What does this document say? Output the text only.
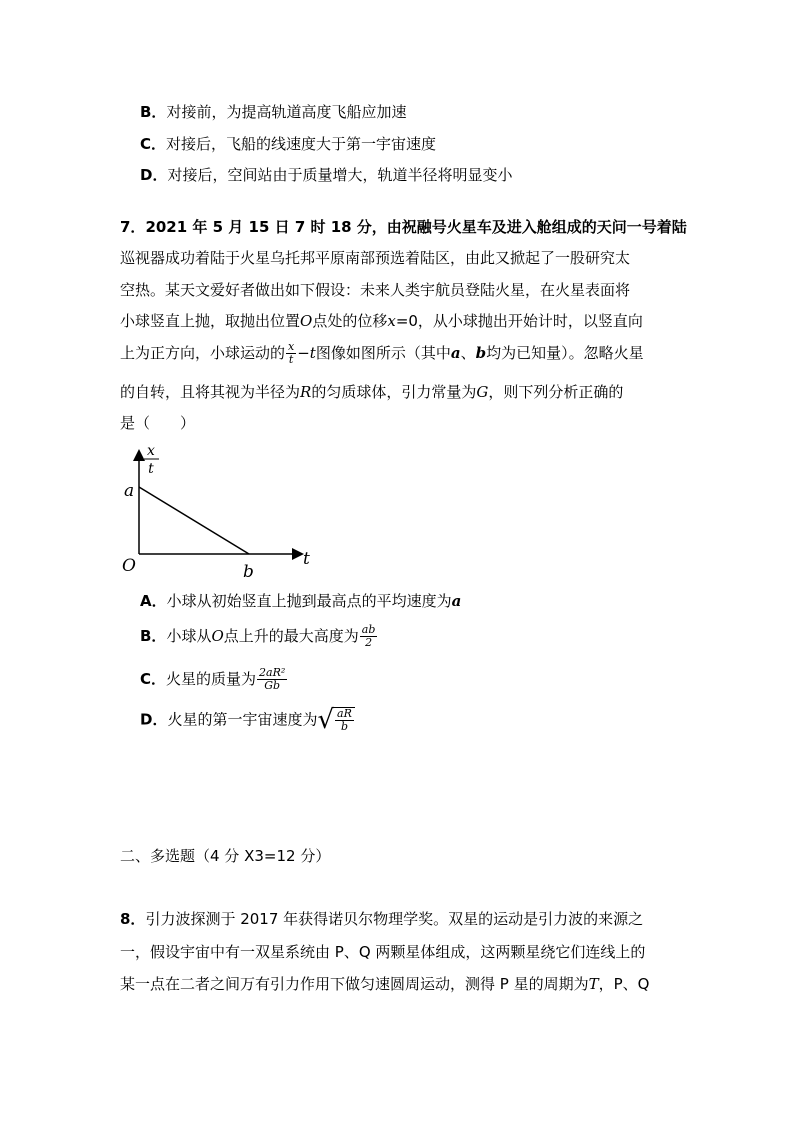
B．对接前，为提高轨道高度飞船应加速
C．对接后，飞船的线速度大于第一宇宙速度
D．对接后，空间站由于质量增大，轨道半径将明显变小
7．2021 年 5 月 15 日 7 时 18 分，由祝融号火星车及进入舱组成的天问一号着陆
巡视器成功着陆于火星乌托邦平原南部预选着陆区，由此又掀起了一股研究太
空热。某天文爱好者做出如下假设：未来人类宇航员登陆火星，在火星表面将
小球竖直上抛，取抛出位置O点处的位移x=0，从小球抛出开始计时，以竖直向
上为正方向，小球运动的 $\frac{x}{t} -t$图像如图所示（其中a、b均为已知量）。忽略火星
的自转，且将其视为半径为R的匀质球体，引力常量为G，则下列分析正确的
是（　　）
x
t
a
O	b
t
A．小球从初始竖直上抛到最高点的平均速度为a
B．小球从O点上升的最大高度为 $\frac{ab}{2}$
C．火星的质量为 $\frac{\text{2aR²}}{Gb}$
D．火星的第一宇宙速度为 √ $\frac{aR}{b}$
二、多选题（4 分 X3=12 分）
8．引力波探测于 2017 年获得诺贝尔物理学奖。双星的运动是引力波的来源之
一，假设宇宙中有一双星系统由 P、Q 两颗星体组成，这两颗星绕它们连线上的
某一点在二者之间万有引力作用下做匀速圆周运动，测得 P 星的周期为T，P、Q
